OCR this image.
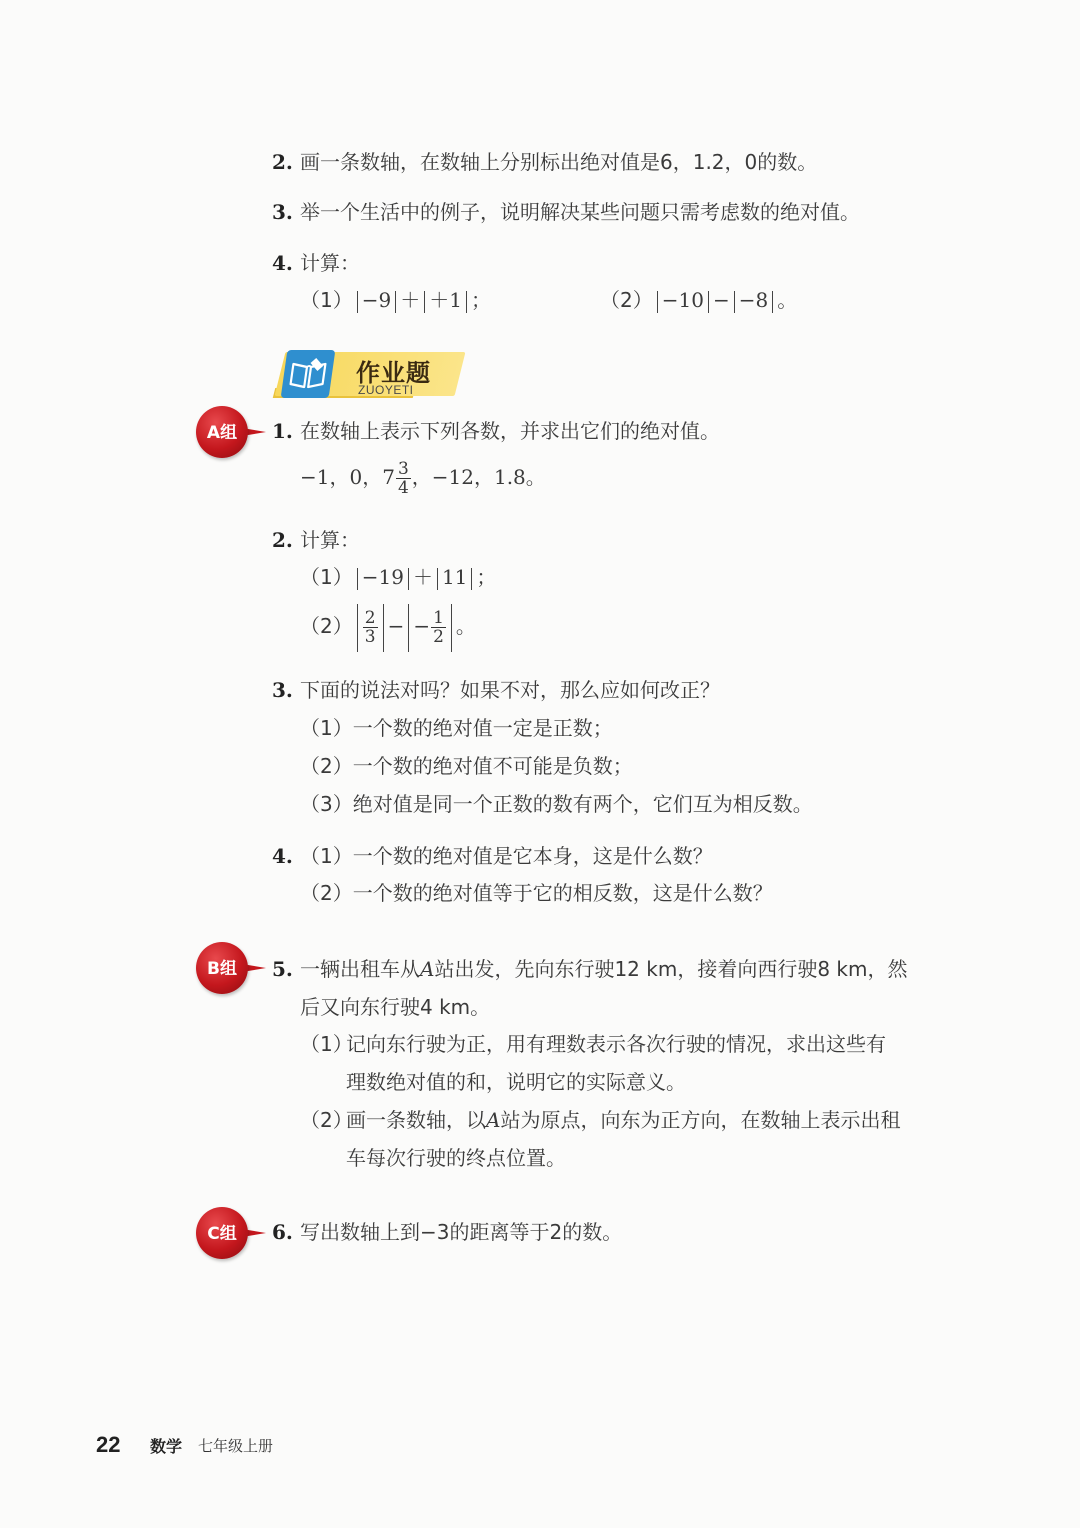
2. 画一条数轴，在数轴上分别标出绝对值是6，1.2，0的数。
3. 举一个生活中的例子，说明解决某些问题只需考虑数的绝对值。
4. 计算：
（1） −9 ＋ ＋1 ；	（2） −10 − −8 。
作业题
ZUOYETI
A组	1. 在数轴上表示下列各数，并求出它们的绝对值。
−1，0，$7 \frac{3}{4}$ ，−12，1.8。
2. 计算：
（1） −19 ＋ 11 ；
$(2) \frac{2}{3}$ − − $\frac{1}{2}$ 。
3. 下面的说法对吗？如果不对，那么应如何改正？
（1）一个数的绝对值一定是正数；
（2）一个数的绝对值不可能是负数；
（3）绝对值是同一个正数的数有两个，它们互为相反数。
4. （1）一个数的绝对值是它本身，这是什么数？
（2）一个数的绝对值等于它的相反数，这是什么数？
B组	5. 一辆出租车从A站出发，先向东行驶12 km，接着向西行驶8 km，然
后又向东行驶4 km。
（1）
记向东行驶为正，用有理数表示各次行驶的情况，求出这些有
理数绝对值的和，说明它的实际意义。
（2）
画一条数轴，以A站为原点，向东为正方向，在数轴上表示出租
车每次行驶的终点位置。
C组	6. 写出数轴上到−3的距离等于2的数。
22 数学 七年级上册
